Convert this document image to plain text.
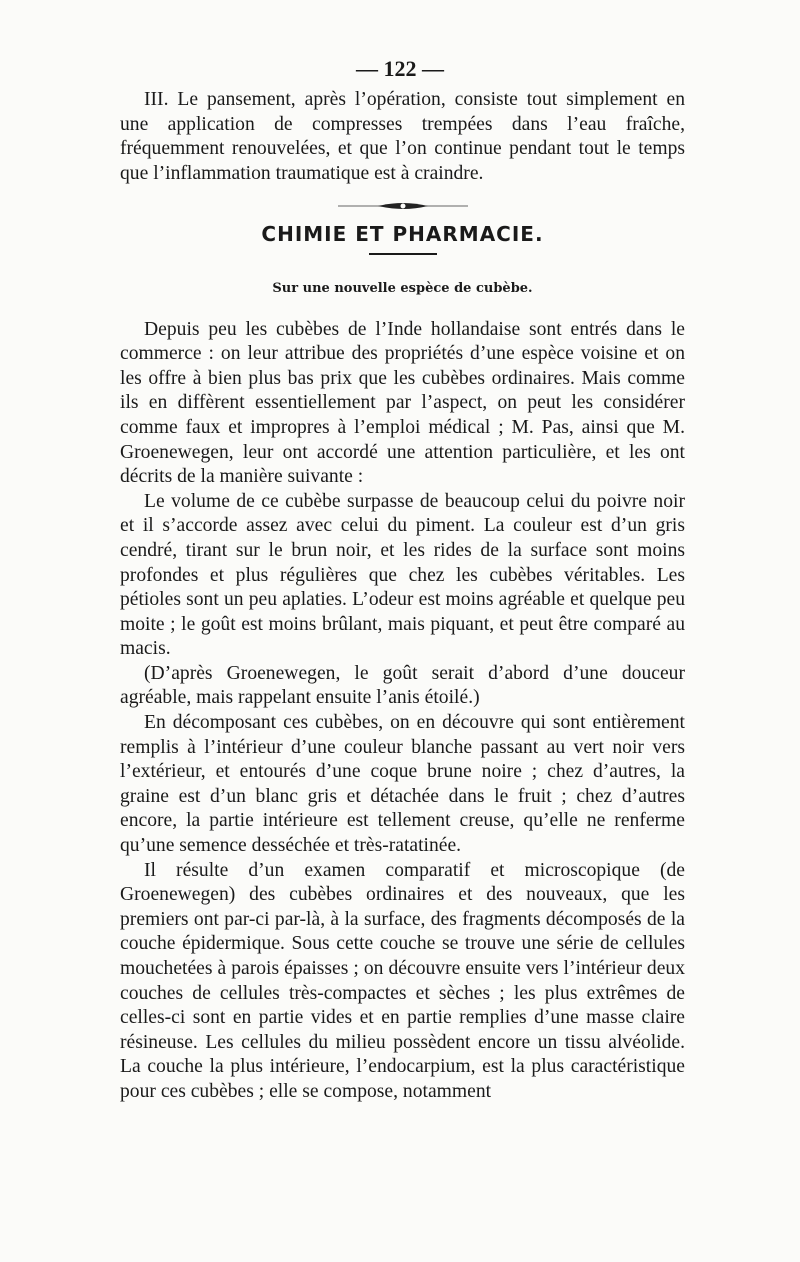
— 122 —

III. Le pansement, après l’opération, consiste tout simplement en une application de compresses trempées dans l’eau fraîche, fréquemment renouvelées, et que l’on continue pendant tout le temps que l’inflammation traumatique est à craindre.

CHIMIE ET PHARMACIE.
Sur une nouvelle espèce de cubèbe.

Depuis peu les cubèbes de l’Inde hollandaise sont entrés dans le commerce : on leur attribue des propriétés d’une espèce voisine et on les offre à bien plus bas prix que les cubèbes ordinaires. Mais comme ils en diffèrent essentiellement par l’aspect, on peut les considérer comme faux et impropres à l’emploi médical ; M. Pas, ainsi que M. Groenewegen, leur ont accordé une attention particulière, et les ont décrits de la manière suivante :

Le volume de ce cubèbe surpasse de beaucoup celui du poivre noir et il s’accorde assez avec celui du piment. La couleur est d’un gris cendré, tirant sur le brun noir, et les rides de la surface sont moins profondes et plus régulières que chez les cubèbes véritables. Les pétioles sont un peu aplaties. L’odeur est moins agréable et quelque peu moite ; le goût est moins brûlant, mais piquant, et peut être comparé au macis.

(D’après Groenewegen, le goût serait d’abord d’une douceur agréable, mais rappelant ensuite l’anis étoilé.)

En décomposant ces cubèbes, on en découvre qui sont entièrement remplis à l’intérieur d’une couleur blanche passant au vert noir vers l’extérieur, et entourés d’une coque brune noire ; chez d’autres, la graine est d’un blanc gris et détachée dans le fruit ; chez d’autres encore, la partie intérieure est tellement creuse, qu’elle ne renferme qu’une semence desséchée et très-ratatinée.

Il résulte d’un examen comparatif et microscopique (de Groenewegen) des cubèbes ordinaires et des nouveaux, que les premiers ont par-ci par-là, à la surface, des fragments décomposés de la couche épidermique. Sous cette couche se trouve une série de cellules mouchetées à parois épaisses ; on découvre ensuite vers l’intérieur deux couches de cellules très-compactes et sèches ; les plus extrêmes de celles-ci sont en partie vides et en partie remplies d’une masse claire résineuse. Les cellules du milieu possèdent encore un tissu alvéolide. La couche la plus intérieure, l’endocarpium, est la plus caractéristique pour ces cubèbes ; elle se compose, notamment
